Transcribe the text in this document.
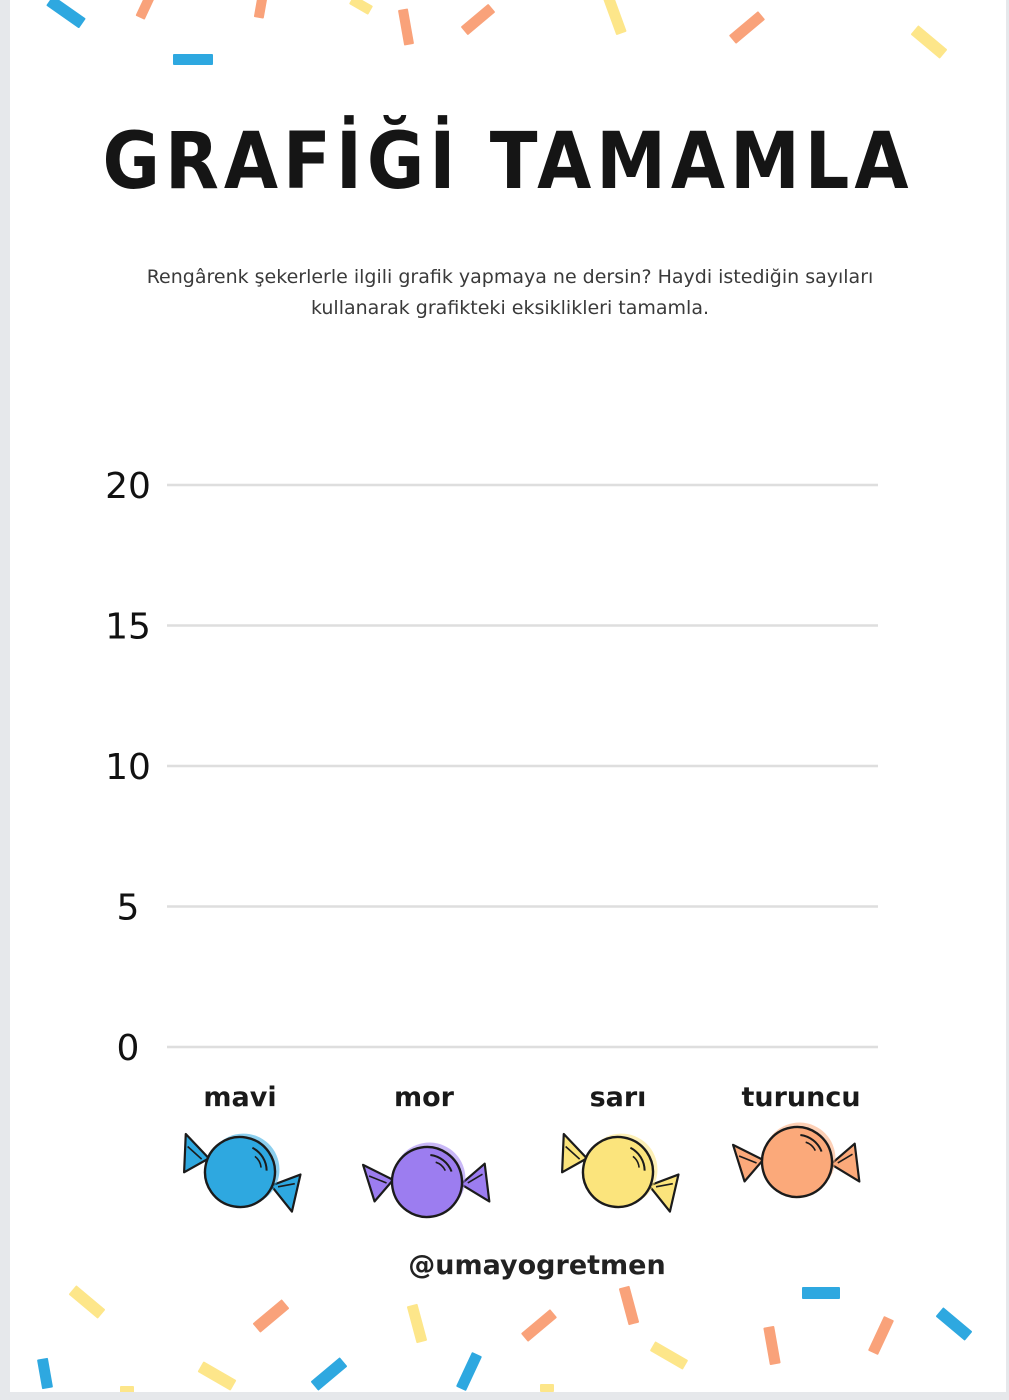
GRAFİĞİ TAMAMLA
Rengârenk şekerlerle ilgili grafik yapmaya ne dersin? Haydi istediğin sayıları kullanarak grafikteki eksiklikleri tamamla.
0
5
10
15
20
mavi	mor	sarı	turuncu
@umayogretmen
